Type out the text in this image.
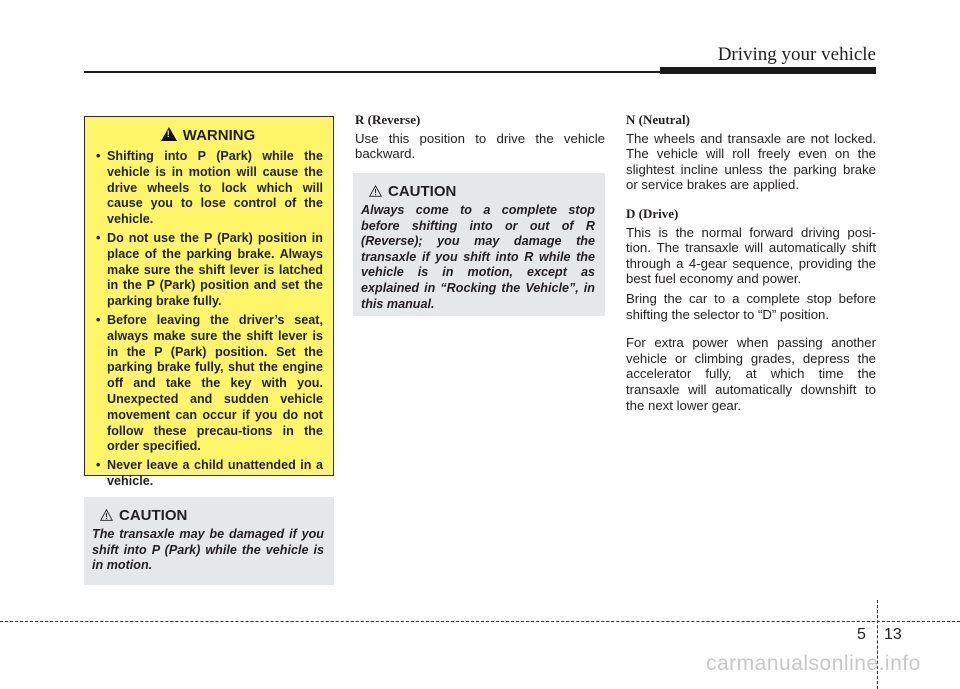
Driving your vehicle
!WARNING
• Shifting into P (Park) while the vehicle is in motion will cause the drive wheels to lock which will cause you to lose control of the vehicle.
• Do not use the P (Park) position in place of the parking brake. Always make sure the shift lever is latched in the P (Park) position and set the parking brake fully.
• Before leaving the driver’s seat, always make sure the shift lever is in the P (Park) position. Set the parking brake fully, shut the engine off and take the key with you. Unexpected and sudden vehicle movement can occur if you do not follow these precau-tions in the order specified.
• Never leave a child unattended in a vehicle.
CAUTION

The transaxle may be damaged if you shift into P (Park) while the vehicle is in motion.

R (Reverse)

Use this position to drive the vehicle backward.

CAUTION

Always come to a complete stop before shifting into or out of R (Reverse); you may damage the transaxle if you shift into R while the vehicle is in motion, except as explained in “Rocking the Vehicle”, in this manual.

N (Neutral)

The wheels and transaxle are not locked. The vehicle will roll freely even on the slightest incline unless the parking brake or service brakes are applied.

D (Drive)

This is the normal forward driving posi-tion. The transaxle will automatically shift through a 4-gear sequence, providing the best fuel economy and power.

Bring the car to a complete stop before shifting the selector to “D” position.

For extra power when passing another vehicle or climbing grades, depress the accelerator fully, at which time the transaxle will automatically downshift to the next lower gear.

5 13
carmanualsonline.info
